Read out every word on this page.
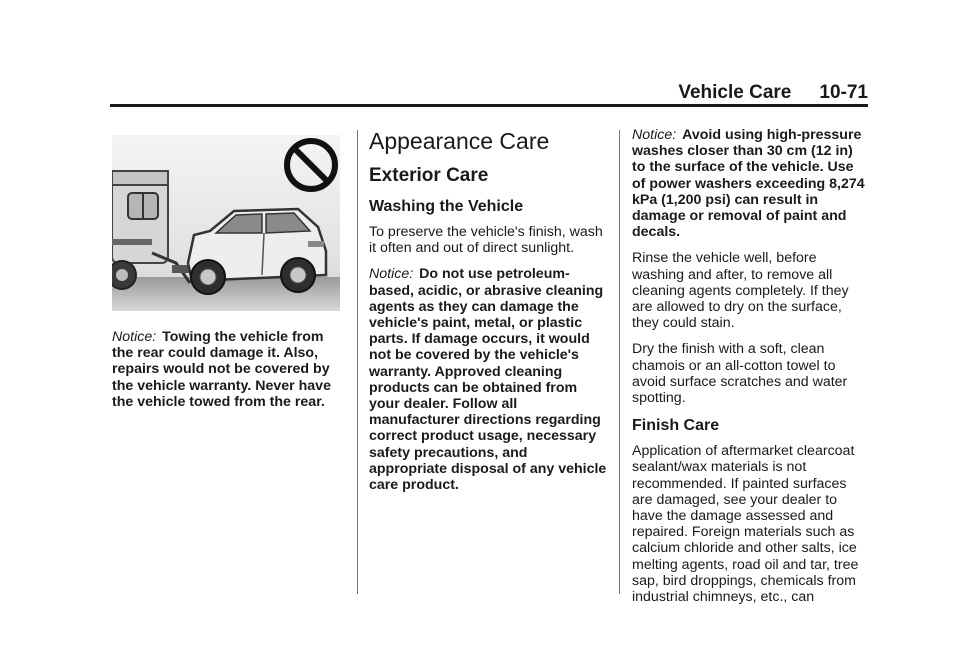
Vehicle Care 10-71

Notice: Towing the vehicle from the rear could damage it. Also, repairs would not be covered by the vehicle warranty. Never have the vehicle towed from the rear.

Appearance Care
Exterior Care
Washing the Vehicle

To preserve the vehicle's finish, wash it often and out of direct sunlight.

Notice: Do not use petroleum-based, acidic, or abrasive cleaning agents as they can damage the vehicle's paint, metal, or plastic parts. If damage occurs, it would not be covered by the vehicle's warranty. Approved cleaning products can be obtained from your dealer. Follow all manufacturer directions regarding correct product usage, necessary safety precautions, and appropriate disposal of any vehicle care product.

Notice: Avoid using high-pressure washes closer than 30 cm (12 in) to the surface of the vehicle. Use of power washers exceeding 8,274 kPa (1,200 psi) can result in damage or removal of paint and decals.

Rinse the vehicle well, before washing and after, to remove all cleaning agents completely. If they are allowed to dry on the surface, they could stain.

Dry the finish with a soft, clean chamois or an all-cotton towel to avoid surface scratches and water spotting.

Finish Care

Application of aftermarket clearcoat sealant/wax materials is not recommended. If painted surfaces are damaged, see your dealer to have the damage assessed and repaired. Foreign materials such as calcium chloride and other salts, ice melting agents, road oil and tar, tree sap, bird droppings, chemicals from industrial chimneys, etc., can
